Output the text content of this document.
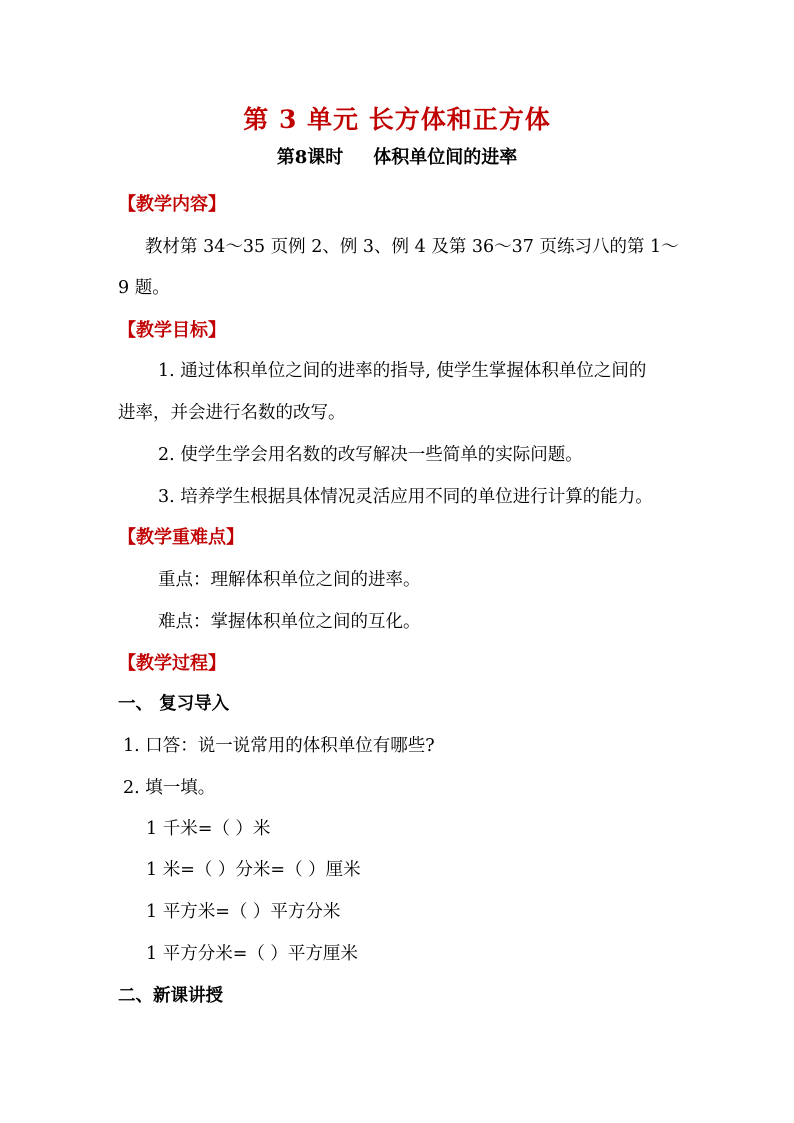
第 3 单元 长方体和正方体
第8课时 体积单位间的进率
【教学内容】
教材第 34～35 页例 2、例 3、例 4 及第 36～37 页练习八的第 1～
9 题。
【教学目标】
1. 通过体积单位之间的进率的指导, 使学生掌握体积单位之间的
进率，并会进行名数的改写。
2. 使学生学会用名数的改写解决一些简单的实际问题。
3. 培养学生根据具体情况灵活应用不同的单位进行计算的能力。
【教学重难点】
重点：理解体积单位之间的进率。
难点：掌握体积单位之间的互化。
【教学过程】
一、 复习导入
1. 口答：说一说常用的体积单位有哪些?
2. 填一填。
1 千米=（ ）米
1 米=（ ）分米=（ ）厘米
1 平方米=（ ）平方分米
1 平方分米=（ ）平方厘米
二、新课讲授
